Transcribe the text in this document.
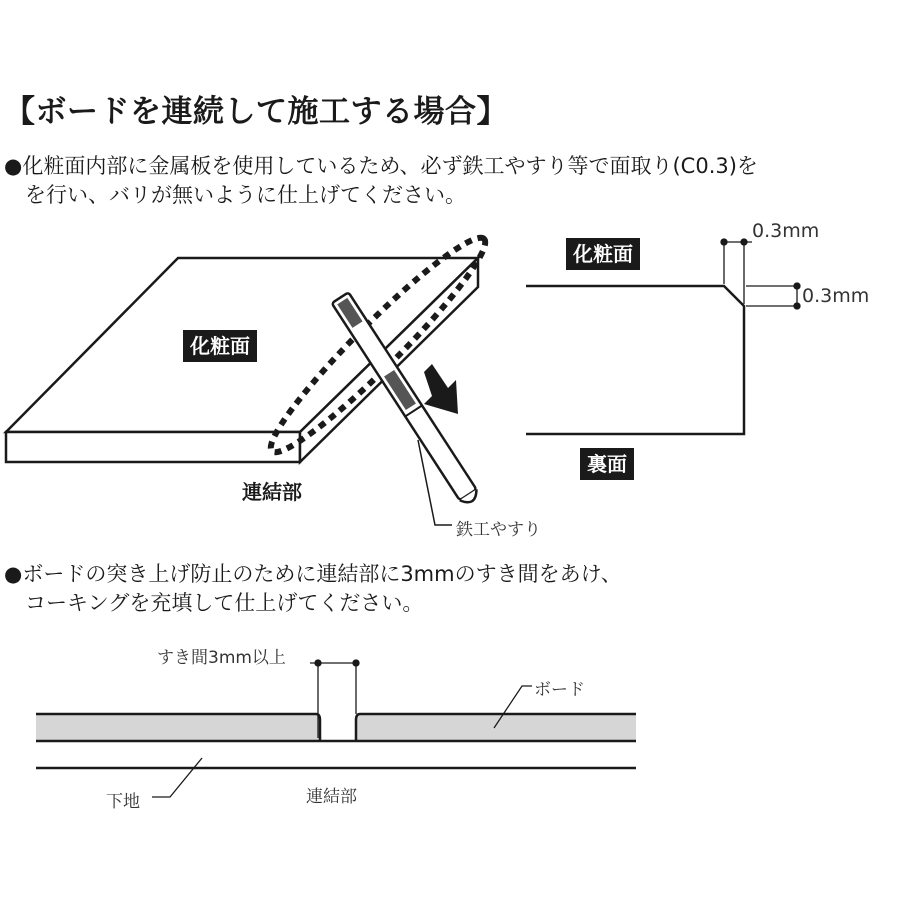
【ボードを連続して施工する場合】
●化粧面内部に金属板を使用しているため、必ず鉄工やすり等で面取り(C0.3)を
　を行い、バリが無いように仕上げてください。
化粧面
連結部
鉄工やすり
化粧面
裏面
0.3mm
0.3mm
●ボードの突き上げ防止のために連結部に3mmのすき間をあけ、
　コーキングを充填して仕上げてください。
すき間3mm以上
ボード
下地	連結部
